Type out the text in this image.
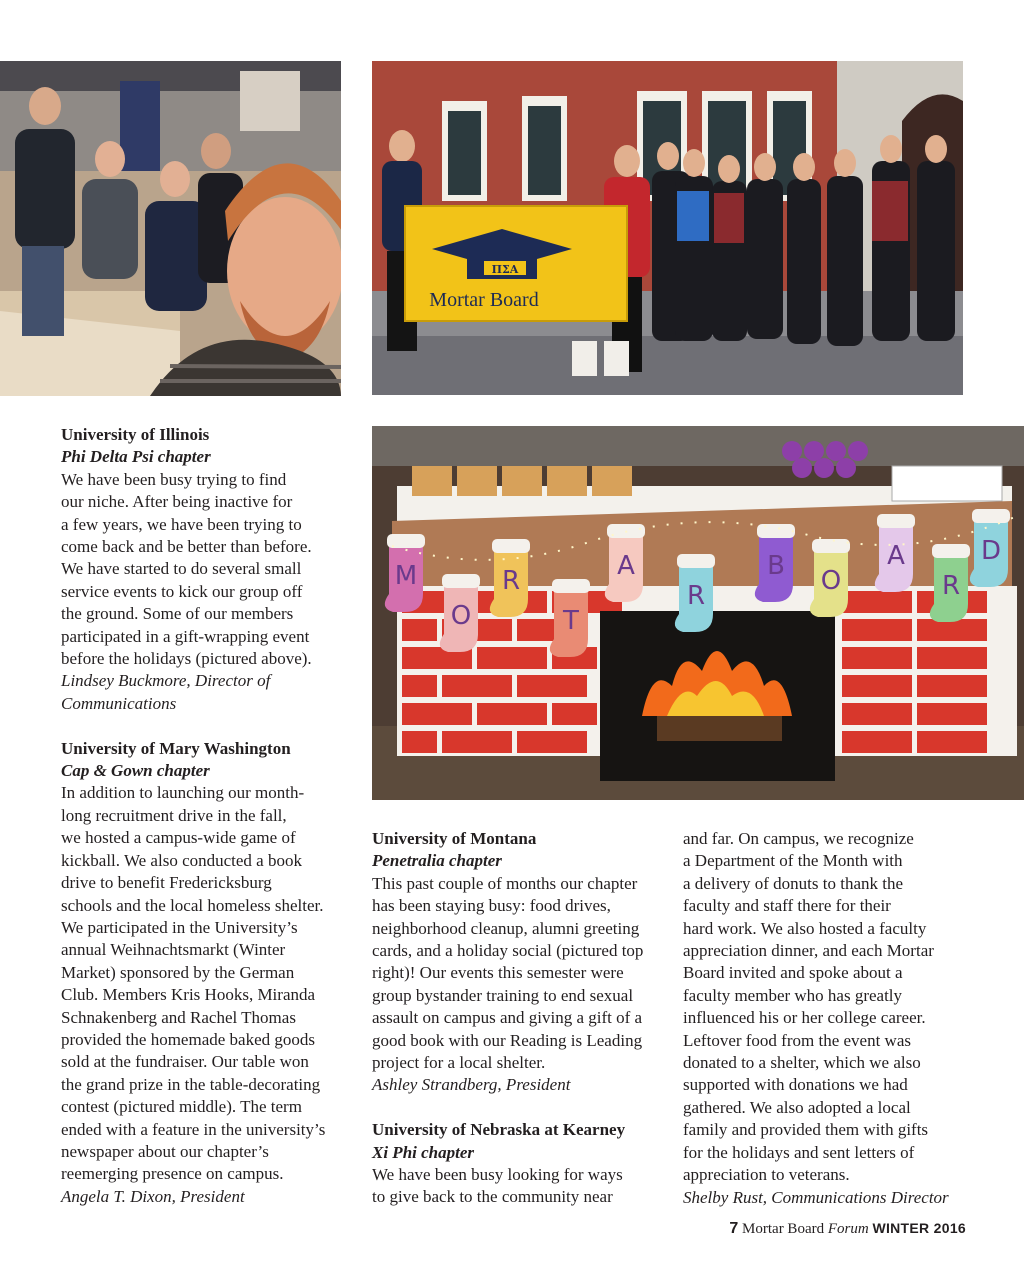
ΠΣΑ
Mortar Board
M
O
R
T
A
R
B O
A
R
D

University of Illinois

Phi Delta Psi chapter

We have been busy trying to find
our niche. After being inactive for
a few years, we have been trying to
come back and be better than before.
We have started to do several small
service events to kick our group off
the ground. Some of our members
participated in a gift-wrapping event
before the holidays (pictured above).

Lindsey Buckmore, Director of
Communications

University of Mary Washington

Cap & Gown chapter

In addition to launching our month-
long recruitment drive in the fall,
we hosted a campus-wide game of
kickball. We also conducted a book
drive to benefit Fredericksburg
schools and the local homeless shelter.
We participated in the University’s
annual Weihnachtsmarkt (Winter
Market) sponsored by the German
Club. Members Kris Hooks, Miranda
Schnakenberg and Rachel Thomas
provided the homemade baked goods
sold at the fundraiser. Our table won
the grand prize in the table-decorating
contest (pictured middle). The term
ended with a feature in the university’s
newspaper about our chapter’s
reemerging presence on campus.

Angela T. Dixon, President

University of Montana

Penetralia chapter

This past couple of months our chapter
has been staying busy: food drives,
neighborhood cleanup, alumni greeting
cards, and a holiday social (pictured top
right)! Our events this semester were
group bystander training to end sexual
assault on campus and giving a gift of a
good book with our Reading is Leading
project for a local shelter.

Ashley Strandberg, President

University of Nebraska at Kearney

Xi Phi chapter

We have been busy looking for ways
to give back to the community near

and far. On campus, we recognize
a Department of the Month with
a delivery of donuts to thank the
faculty and staff there for their
hard work. We also hosted a faculty
appreciation dinner, and each Mortar
Board invited and spoke about a
faculty member who has greatly
influenced his or her college career.
Leftover food from the event was
donated to a shelter, which we also
supported with donations we had
gathered. We also adopted a local
family and provided them with gifts
for the holidays and sent letters of
appreciation to veterans.

Shelby Rust, Communications Director

7 Mortar Board Forum WINTER 2016
